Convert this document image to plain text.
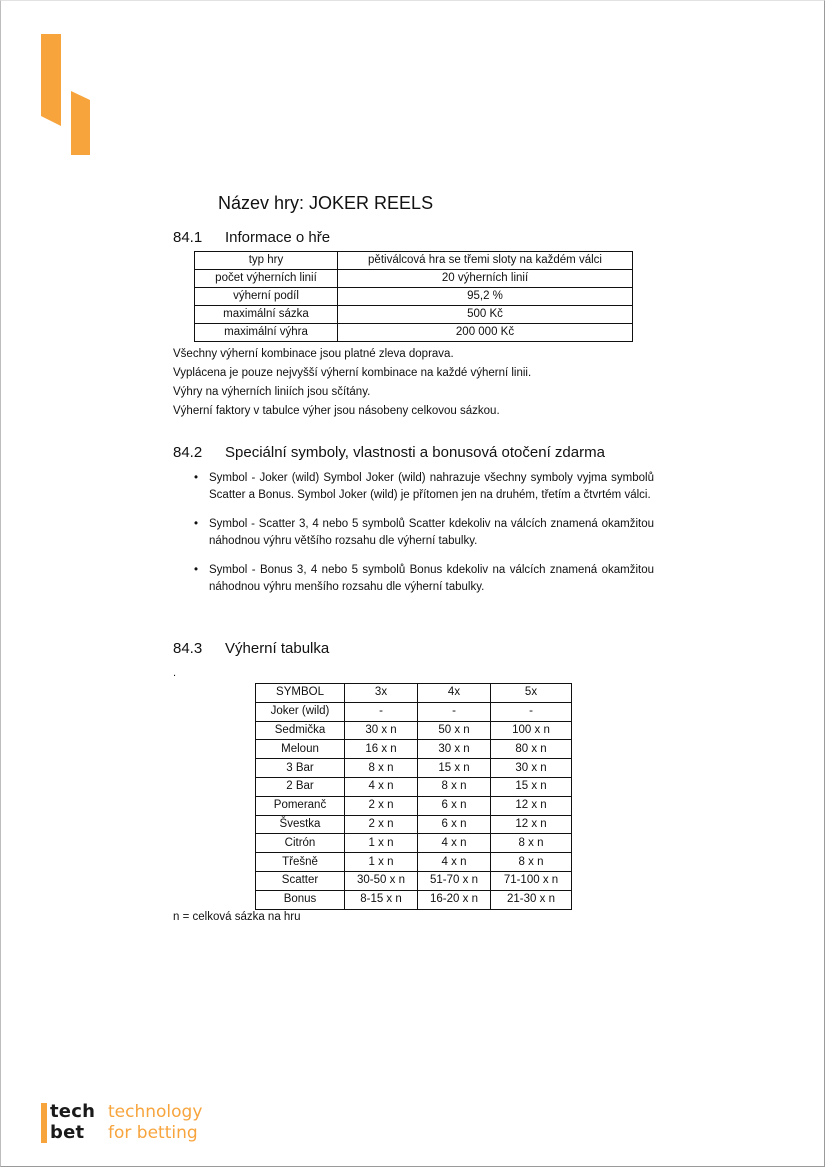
Název hry: JOKER REELS
84.1 Informace o hře
typ hry	pětiválcová hra se třemi sloty na každém válci
počet výherních linií	20 výherních linií
výherní podíl	95,2 %
maximální sázka	500 Kč
maximální výhra	200 000 Kč
Všechny výherní kombinace jsou platné zleva doprava.
Vyplácena je pouze nejvyšší výherní kombinace na každé výherní linii.
Výhry na výherních liniích jsou sčítány.
Výherní faktory v tabulce výher jsou násobeny celkovou sázkou.
84.2 Speciální symboly, vlastnosti a bonusová otočení zdarma
• Symbol - Joker (wild) Symbol Joker (wild) nahrazuje všechny symboly vyjma symbolů Scatter a Bonus. Symbol Joker (wild) je přítomen jen na druhém, třetím a čtvrtém válci.
• Symbol - Scatter 3, 4 nebo 5 symbolů Scatter kdekoliv na válcích znamená okamžitou náhodnou výhru většího rozsahu dle výherní tabulky.
• Symbol - Bonus 3, 4 nebo 5 symbolů Bonus kdekoliv na válcích znamená okamžitou náhodnou výhru menšího rozsahu dle výherní tabulky.
84.3 Výherní tabulka
.
SYMBOL	3x	4x	5x
Joker (wild)	-	-	-
Sedmička	30 x n	50 x n	100 x n
Meloun	16 x n	30 x n	80 x n
3 Bar	8 x n	15 x n	30 x n
2 Bar	4 x n	8 x n	15 x n
Pomeranč	2 x n	6 x n	12 x n
Švestka	2 x n	6 x n	12 x n
Citrón	1 x n	4 x n	8 x n
Třešně	1 x n	4 x n	8 x n
Scatter	30-50 x n	51-70 x n	71-100 x n
Bonus	8-15 x n	16-20 x n	21-30 x n
n = celková sázka na hru
tech
bet
technology
for betting
